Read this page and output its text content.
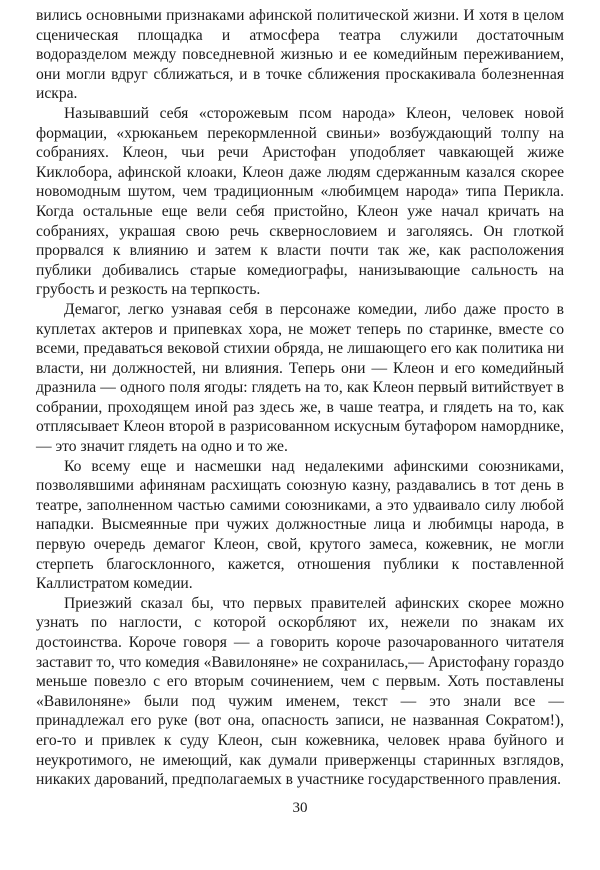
вились основными признаками афинской политической жизни. И хотя в целом сценическая площадка и атмосфера театра служили достаточным водоразделом между повседневной жизнью и ее комедийным переживанием, они могли вдруг сближаться, и в точке сближения проскакивала болезненная искра.

Называвший себя «сторожевым псом народа» Клеон, человек новой формации, «хрюканьем перекормленной свиньи» возбуждающий толпу на собраниях. Клеон, чьи речи Аристофан уподобляет чавкающей жиже Киклобора, афинской клоаки, Клеон даже людям сдержанным казался скорее новомодным шутом, чем традиционным «любимцем народа» типа Перикла. Когда остальные еще вели себя пристойно, Клеон уже начал кричать на собраниях, украшая свою речь сквернословием и заголяясь. Он глоткой прорвался к влиянию и затем к власти почти так же, как расположения публики добивались старые комедиографы, нанизывающие сальность на грубость и резкость на терпкость.

Демагог, легко узнавая себя в персонаже комедии, либо даже просто в куплетах актеров и припевках хора, не может теперь по старинке, вместе со всеми, предаваться вековой стихии обряда, не лишающего его как политика ни власти, ни должностей, ни влияния. Теперь они — Клеон и его комедийный дразнила — одного поля ягоды: глядеть на то, как Клеон первый витийствует в собрании, проходящем иной раз здесь же, в чаше театра, и глядеть на то, как отплясывает Клеон второй в разрисованном искусным бутафором наморднике,— это значит глядеть на одно и то же.

Ко всему еще и насмешки над недалекими афинскими союзниками, позволявшими афинянам расхищать союзную казну, раздавались в тот день в театре, заполненном частью самими союзниками, а это удваивало силу любой нападки. Высмеянные при чужих должностные лица и любимцы народа, в первую очередь демагог Клеон, свой, крутого замеса, кожевник, не могли стерпеть благосклонного, кажется, отношения публики к поставленной Каллистратом комедии.

Приезжий сказал бы, что первых правителей афинских скорее можно узнать по наглости, с которой оскорбляют их, нежели по знакам их достоинства. Короче говоря — а говорить короче разочарованного читателя заставит то, что комедия «Вавилоняне» не сохранилась,— Аристофану гораздо меньше повезло с его вторым сочинением, чем с первым. Хоть поставлены «Вавилоняне» были под чужим именем, текст — это знали все — принадлежал его руке (вот она, опасность записи, не названная Сократом!), его-то и привлек к суду Клеон, сын кожевника, человек нрава буйного и неукротимого, не имеющий, как думали приверженцы старинных взглядов, никаких дарований, предполагаемых в участнике государственного правления.

30
